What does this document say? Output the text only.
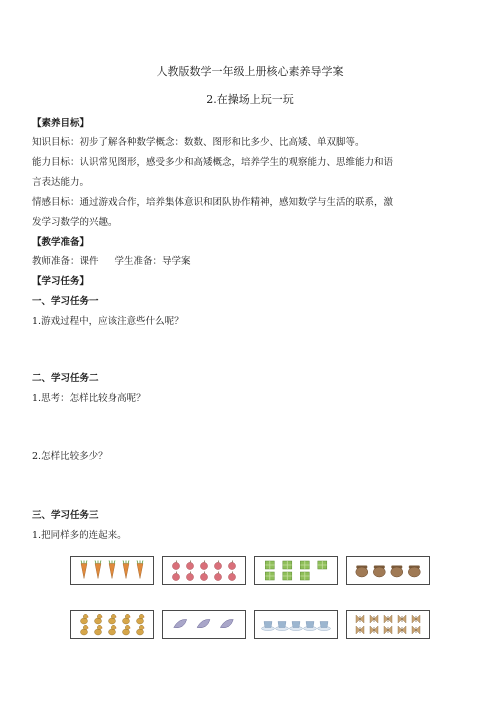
人教版数学一年级上册核心素养导学案
2.在操场上玩一玩
【素养目标】
知识目标：初步了解各种数学概念：数数、图形和比多少、比高矮、单双脚等。
能力目标：认识常见图形，感受多少和高矮概念，培养学生的观察能力、思维能力和语
言表达能力。
情感目标：通过游戏合作，培养集体意识和团队协作精神，感知数学与生活的联系，激
发学习数学的兴趣。
【教学准备】
教师准备：课件 学生准备：导学案
【学习任务】
一、学习任务一
1.游戏过程中，应该注意些什么呢？
二、学习任务二
1.思考：怎样比较身高呢？
2.怎样比较多少？
三、学习任务三
1.把同样多的连起来。
